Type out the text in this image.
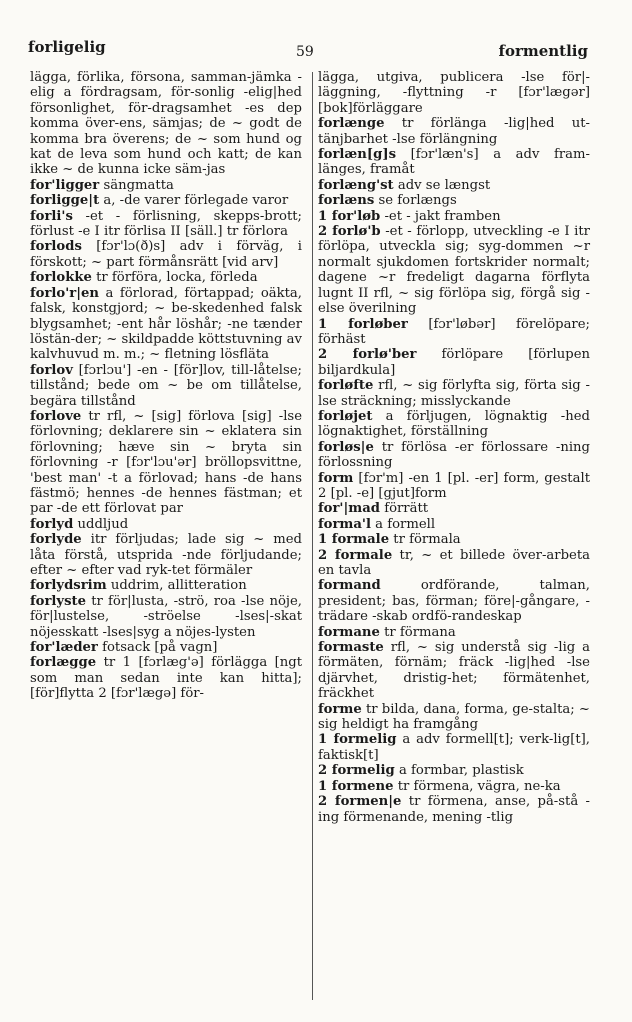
forligelig	59	formentlig

lägga, förlika, försona, samman-jämka -elig a fördragsam, för-sonlig -elig|hed försonlighet, för-dragsamhet -es dep komma över-ens, sämjas; de ~ godt de komma bra överens; de ~ som hund og kat de leva som hund och katt; de kan ikke ~ de kunna icke säm-jas

for'ligger sängmatta

forligge|t a, -de varer förlegade varor

forli's -et - förlisning, skepps-brott; förlust -e I itr förlisa II [säll.] tr förlora

forlods [fɔr'lɔ(ð)s] adv i förväg, i förskott; ~ part förmånsrätt [vid arv]

forlokke tr förföra, locka, förleda

forlo'r|en a förlorad, förtappad; oäkta, falsk, konstgjord; ~ be-skedenhed falsk blygsamhet; -ent hår löshår; -ne tænder löstän-der; ~ skildpadde köttstuvning av kalvhuvud m. m.; ~ fletning lösfläta

forlov [fɔrlɔu'] -en - [för]lov, till-låtelse; tillstånd; bede om ~ be om tillåtelse, begära tillstånd

forlove tr rfl, ~ [sig] förlova [sig] -lse förlovning; deklarere sin ~ eklatera sin förlovning; hæve sin ~ bryta sin förlovning -r [fɔr'lɔu'ər] bröllopsvittne, 'best man' -t a förlovad; hans -de hans fästmö; hennes -de hennes fästman; et par -de ett förlovat par

forlyd uddljud

forlyde itr förljudas; lade sig ~ med låta förstå, utsprida -nde förljudande; efter ~ efter vad ryk-tet förmäler

forlydsrim uddrim, allitteration

forlyste tr för|lusta, -strö, roa -lse nöje, för|lustelse, -ströelse -lses|-skat nöjesskatt -lses|syg a nöjes-lysten

for'læder fotsack [på vagn]

forlægge tr 1 [fɔrlæg'ə] förlägga [ngt som man sedan inte kan hitta]; [för]flytta 2 [fɔr'lægə] för-

lägga, utgiva, publicera -lse för|-läggning, -flyttning -r [fɔr'lægər] [bok]förläggare

forlænge tr förlänga -lig|hed ut-tänjbarhet -lse förlängning

forlæn[g]s [fɔr'læn's] a adv fram-länges, framåt

forlæng'st adv se længst

forlæns se forlængs

1 for'løb -et - jakt framben

2 forlø'b -et - förlopp, utveckling -e I itr förlöpa, utveckla sig; syg-dommen ~r normalt sjukdomen fortskrider normalt; dagene ~r fredeligt dagarna förflyta lugnt II rfl, ~ sig förlöpa sig, förgå sig -else överilning

1 forløber [fɔr'løbər] förelöpare; förhäst

2 forlø'ber förlöpare [förlupen biljardkula]

forløfte rfl, ~ sig förlyfta sig, förta sig -lse sträckning; misslyckande

forløjet a förljugen, lögnaktig -hed lögnaktighet, förställning

forløs|e tr förlösa -er förlossare -ning förlossning

form [fɔr'm] -en 1 [pl. -er] form, gestalt 2 [pl. -e] [gjut]form

for'|mad förrätt

forma'l a formell

1 formale tr förmala

2 formale tr, ~ et billede över-arbeta en tavla

formand	ordförande, talman, president; bas, förman; före|-gångare, -trädare -skab ordfö-randeskap

formane tr förmana

formaste rfl, ~ sig understå sig -lig a förmäten, förnäm; fräck -lig|hed -lse djärvhet, dristig-het; förmätenhet, fräckhet

forme tr bilda, dana, forma, ge-stalta; ~ sig heldigt ha framgång

1 formelig a adv formell[t]; verk-lig[t], faktisk[t]

2 formelig a formbar, plastisk

1 formene tr förmena, vägra, ne-ka

2 formen|e tr förmena, anse, på-stå -ing förmenande, mening -tlig
